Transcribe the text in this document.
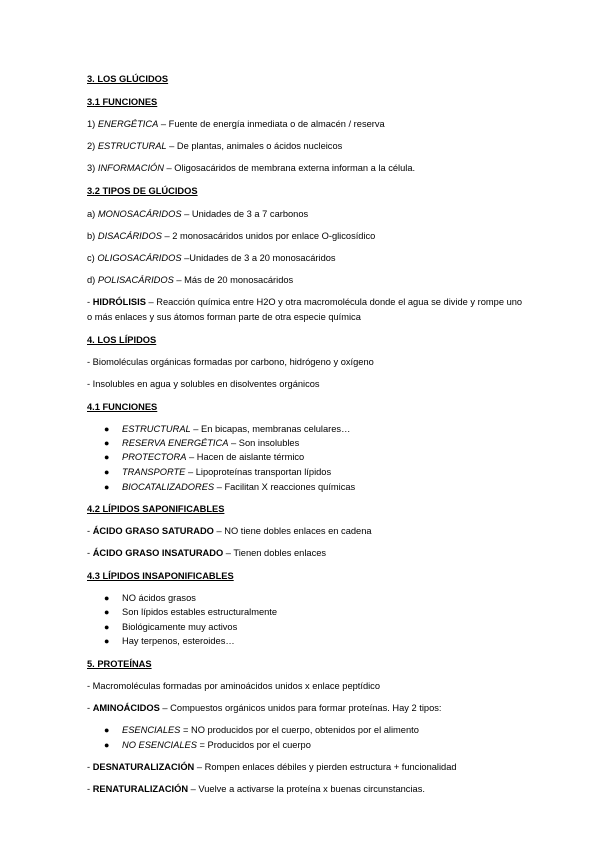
3. LOS GLÚCIDOS
3.1 FUNCIONES
1) ENERGÉTICA – Fuente de energía inmediata o de almacén / reserva
2) ESTRUCTURAL – De plantas, animales o ácidos nucleicos
3) INFORMACIÓN – Oligosacáridos de membrana externa informan a la célula.
3.2 TIPOS DE GLÚCIDOS
a) MONOSACÁRIDOS – Unidades de 3 a 7 carbonos
b) DISACÁRIDOS – 2 monosacáridos unidos por enlace O-glicosídico
c) OLIGOSACÁRIDOS –Unidades de 3 a 20 monosacáridos
d) POLISACÁRIDOS – Más de 20 monosacáridos
- HIDRÓLISIS – Reacción química entre H2O y otra macromolécula donde el agua se divide y rompe uno o más enlaces y sus átomos forman parte de otra especie química
4. LOS LÍPIDOS
- Biomoléculas orgánicas formadas por carbono, hidrógeno y oxígeno
- Insolubles en agua y solubles en disolventes orgánicos
4.1 FUNCIONES
● ESTRUCTURAL – En bicapas, membranas celulares…
● RESERVA ENERGÉTICA – Son insolubles
● PROTECTORA – Hacen de aislante térmico
● TRANSPORTE – Lipoproteínas transportan lípidos
● BIOCATALIZADORES – Facilitan X reacciones químicas
4.2 LÍPIDOS SAPONIFICABLES
- ÁCIDO GRASO SATURADO – NO tiene dobles enlaces en cadena
- ÁCIDO GRASO INSATURADO – Tienen dobles enlaces
4.3 LÍPIDOS INSAPONIFICABLES
● NO ácidos grasos
● Son lípidos estables estructuralmente
● Biológicamente muy activos
● Hay terpenos, esteroides…
5. PROTEÍNAS
- Macromoléculas formadas por aminoácidos unidos x enlace peptídico
- AMINOÁCIDOS – Compuestos orgánicos unidos para formar proteínas. Hay 2 tipos:
● ESENCIALES = NO producidos por el cuerpo, obtenidos por el alimento
● NO ESENCIALES = Producidos por el cuerpo
- DESNATURALIZACIÓN – Rompen enlaces débiles y pierden estructura + funcionalidad
- RENATURALIZACIÓN – Vuelve a activarse la proteína x buenas circunstancias.
